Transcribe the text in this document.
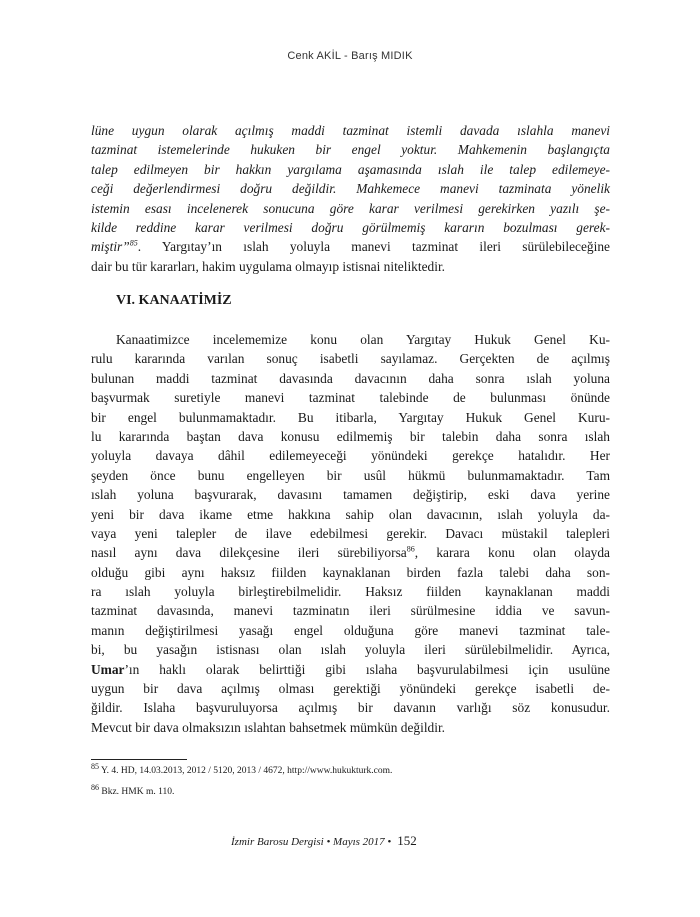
Cenk AKİL - Barış MIDIK
lüne uygun olarak açılmış maddi tazminat istemli davada ıslahla manevi
tazminat istemelerinde hukuken bir engel yoktur. Mahkemenin başlangıçta
talep edilmeyen bir hakkın yargılama aşamasında ıslah ile talep edilemeye-
ceği değerlendirmesi doğru değildir. Mahkemece manevi tazminata yönelik
istemin esası incelenerek sonucuna göre karar verilmesi gerekirken yazılı şe-
kilde reddine karar verilmesi doğru görülmemiş kararın bozulması gerek-
miştir”$^{85}$. Yargıtay’ın ıslah yoluyla manevi tazminat ileri sürülebileceğine
dair bu tür kararları, hakim uygulama olmayıp istisnai niteliktedir.
VI. KANAATİMİZ
Kanaatimizce incelememize konu olan Yargıtay Hukuk Genel Ku-
rulu kararında varılan sonuç isabetli sayılamaz. Gerçekten de açılmış
bulunan maddi tazminat davasında davacının daha sonra ıslah yoluna
başvurmak suretiyle manevi tazminat talebinde de bulunması önünde
bir engel bulunmamaktadır. Bu itibarla, Yargıtay Hukuk Genel Kuru-
lu kararında baştan dava konusu edilmemiş bir talebin daha sonra ıslah
yoluyla davaya dâhil edilemeyeceği yönündeki gerekçe hatalıdır. Her
şeyden önce bunu engelleyen bir usûl hükmü bulunmamaktadır. Tam
ıslah yoluna başvurarak, davasını tamamen değiştirip, eski dava yerine
yeni bir dava ikame etme hakkına sahip olan davacının, ıslah yoluyla da-
vaya yeni talepler de ilave edebilmesi gerekir. Davacı müstakil talepleri
nasıl aynı dava dilekçesine ileri sürebiliyorsa$^{86}$, karara konu olan olayda
olduğu gibi aynı haksız fiilden kaynaklanan birden fazla talebi daha son-
ra ıslah yoluyla birleştirebilmelidir. Haksız fiilden kaynaklanan maddi
tazminat davasında, manevi tazminatın ileri sürülmesine iddia ve savun-
manın değiştirilmesi yasağı engel olduğuna göre manevi tazminat tale-
bi, bu yasağın istisnası olan ıslah yoluyla ileri sürülebilmelidir. Ayrıca,
Umar’ın haklı olarak belirttiği gibi ıslaha başvurulabilmesi için usulüne
uygun bir dava açılmış olması gerektiği yönündeki gerekçe isabetli de-
ğildir. Islaha başvuruluyorsa açılmış bir davanın varlığı söz konusudur.
Mevcut bir dava olmaksızın ıslahtan bahsetmek mümkün değildir.
$^{85}$ Y. 4. HD, 14.03.2013, 2012 / 5120, 2013 / 4672, http://www.hukukturk.com.
$^{86}$ Bkz. HMK m. 110.
İzmir Barosu Dergisi • Mayıs 2017 • 152
